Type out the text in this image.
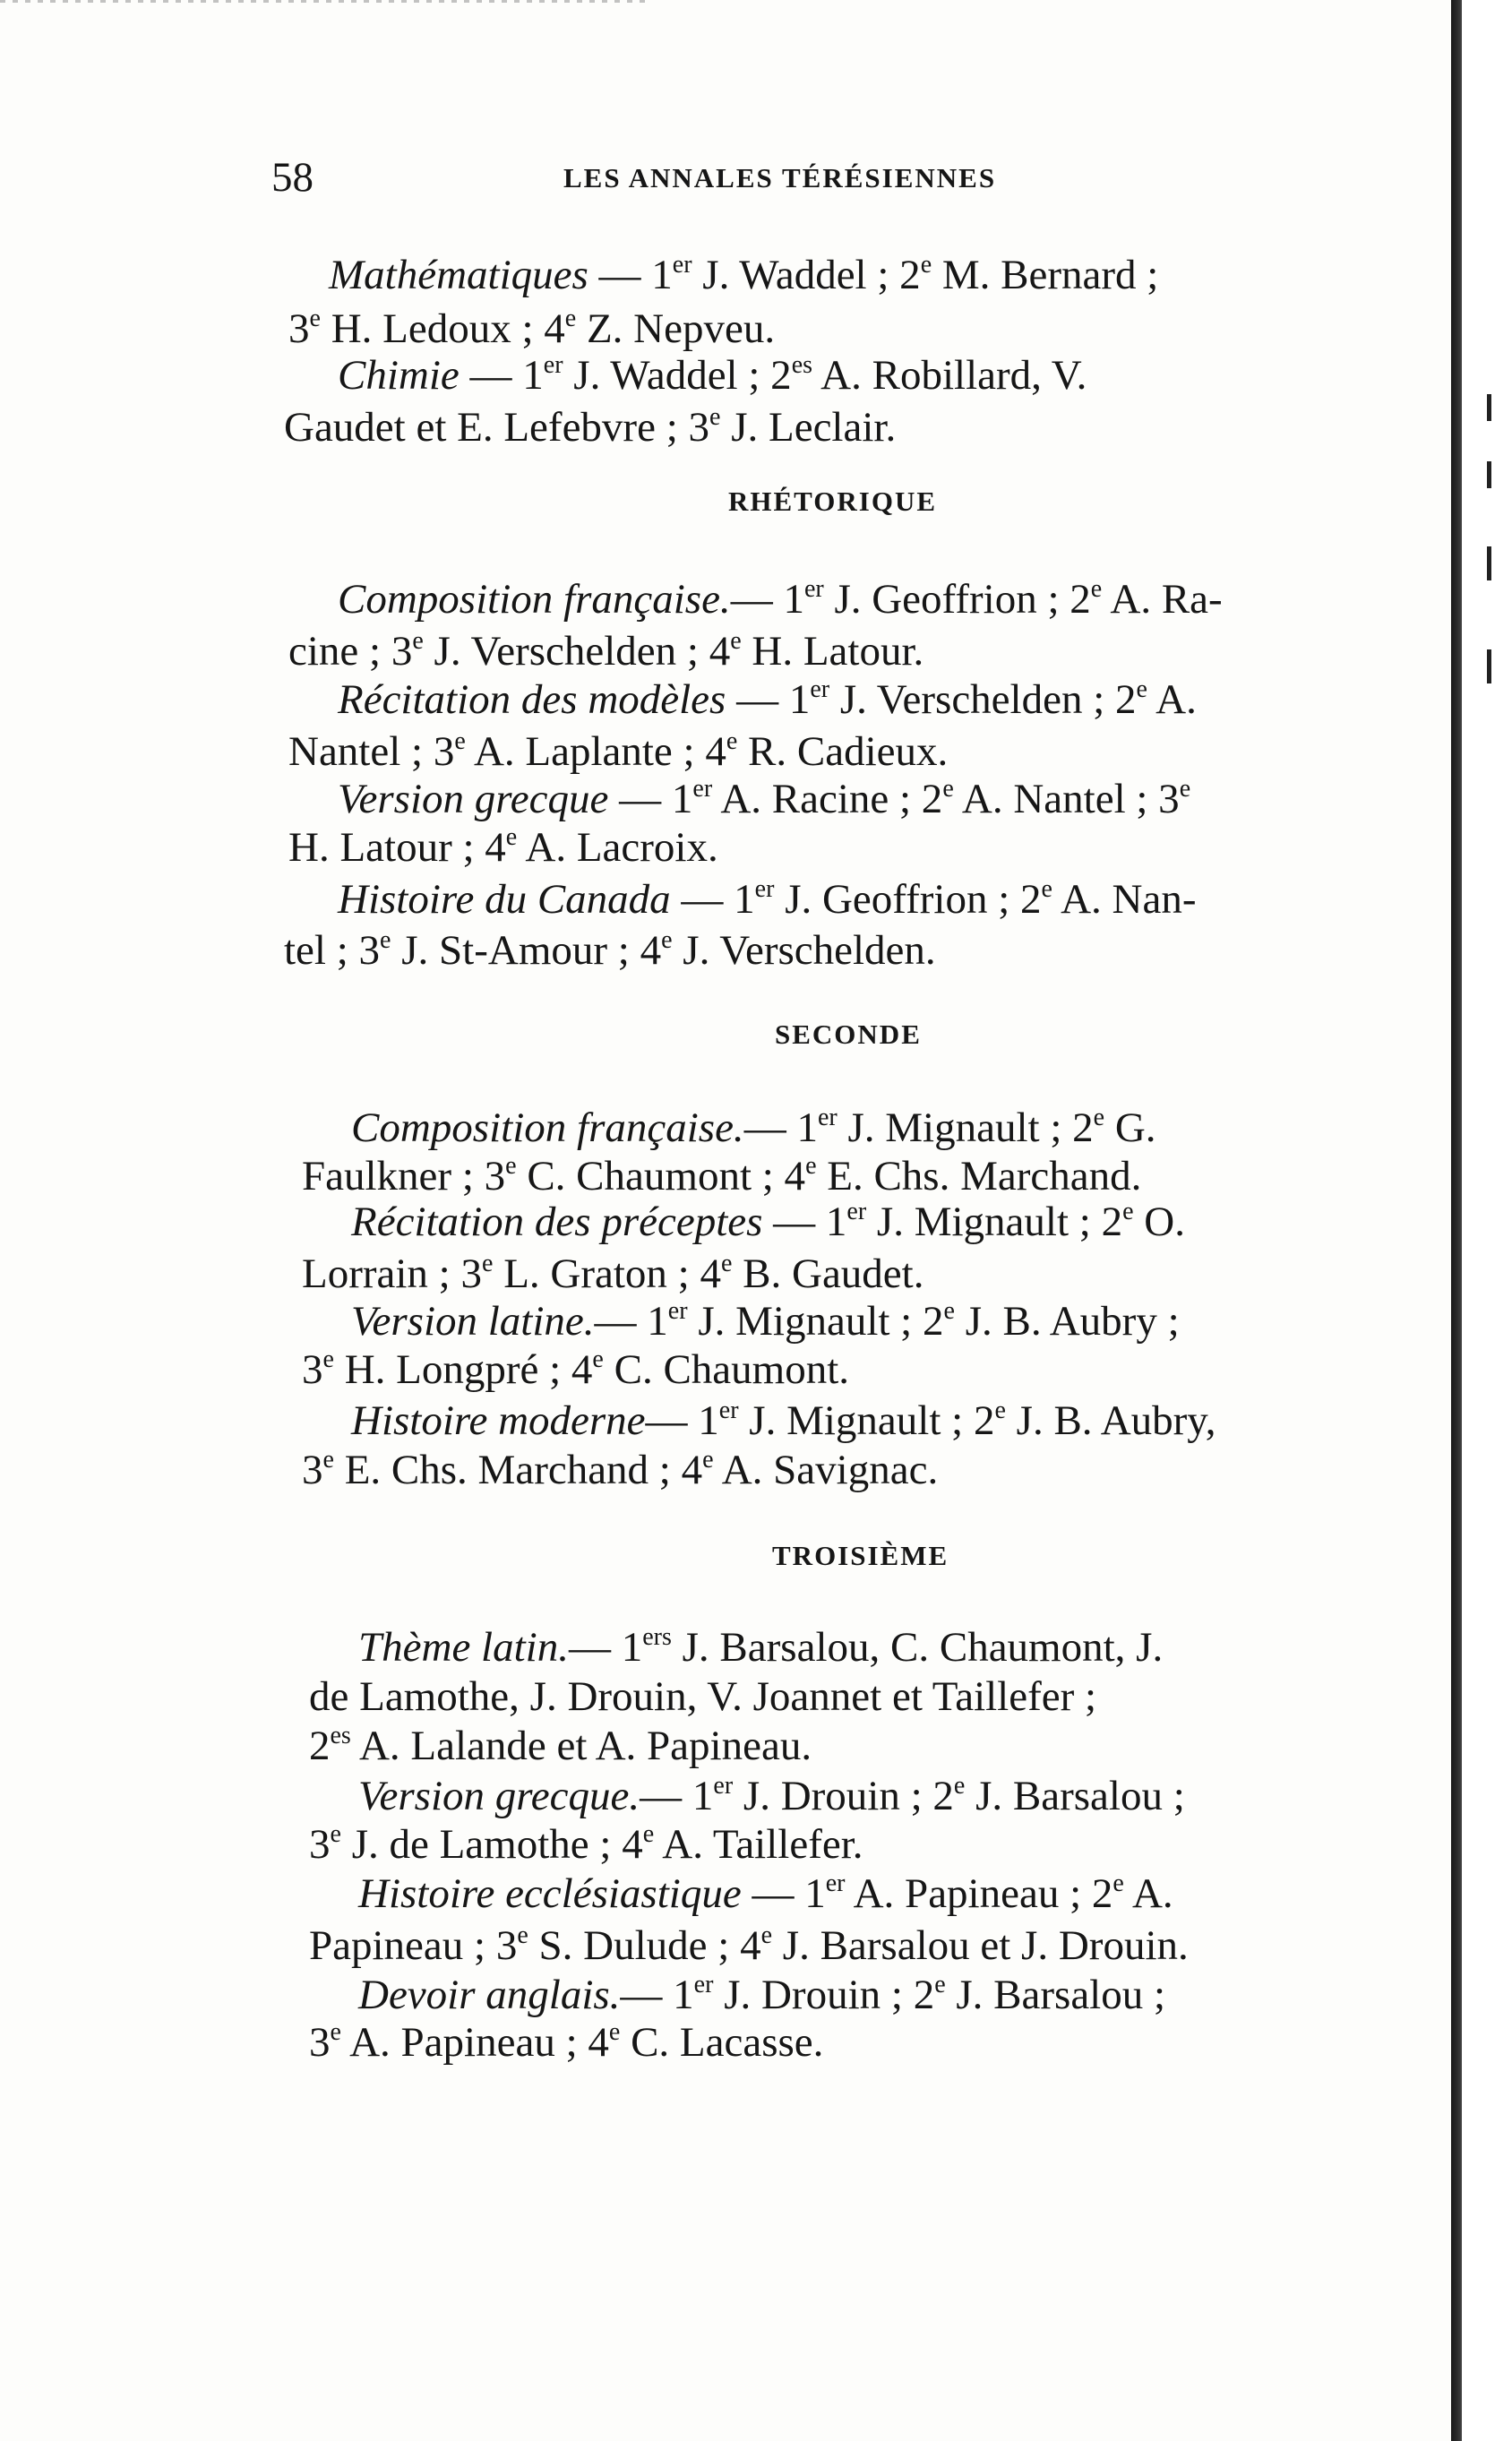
58	LES ANNALES TÉRÉSIENNES
Mathématiques — 1er J. Waddel ; 2e M. Bernard ;
3e H. Ledoux ; 4e Z. Nepveu.
Chimie — 1er J. Waddel ; $2^{es}$ A. Robillard, V.
Gaudet et E. Lefebvre ; 3e J. Leclair.
RHÉTORIQUE
Composition française.— 1er J. Geoffrion ; 2e A. Ra-
cine ; 3e J. Verschelden ; 4e H. Latour.
Récitation des modèles — 1er J. Verschelden ; 2e A.
Nantel ; 3e A. Laplante ; 4e R. Cadieux.
Version grecque — 1er A. Racine ; 2e A. Nantel ; 3e
H. Latour ; 4e A. Lacroix.
Histoire du Canada — 1er J. Geoffrion ; 2e A. Nan-
tel ; 3e J. St-Amour ; 4e J. Verschelden.
SECONDE
Composition française.— 1er J. Mignault ; 2e G.
Faulkner ; 3e C. Chaumont ; 4e E. Chs. Marchand.
Récitation des préceptes — 1er J. Mignault ; 2e O.
Lorrain ; 3e L. Graton ; 4e B. Gaudet.
Version latine.— 1er J. Mignault ; 2e J. B. Aubry ;
3e H. Longpré ; 4e C. Chaumont.
Histoire moderne— 1er J. Mignault ; 2e J. B. Aubry,
3e E. Chs. Marchand ; 4e A. Savignac.
TROISIÈME
Thème latin.— 1ers J. Barsalou, C. Chaumont, J.
de Lamothe, J. Drouin, V. Joannet et Taillefer ;
$2^{es}$ A. Lalande et A. Papineau.
Version grecque.— 1er J. Drouin ; 2e J. Barsalou ;
3e J. de Lamothe ; 4e A. Taillefer.
Histoire ecclésiastique — 1er A. Papineau ; 2e A.
Papineau ; 3e S. Dulude ; 4e J. Barsalou et J. Drouin.
Devoir anglais.— 1er J. Drouin ; 2e J. Barsalou ;
3e A. Papineau ; 4e C. Lacasse.
